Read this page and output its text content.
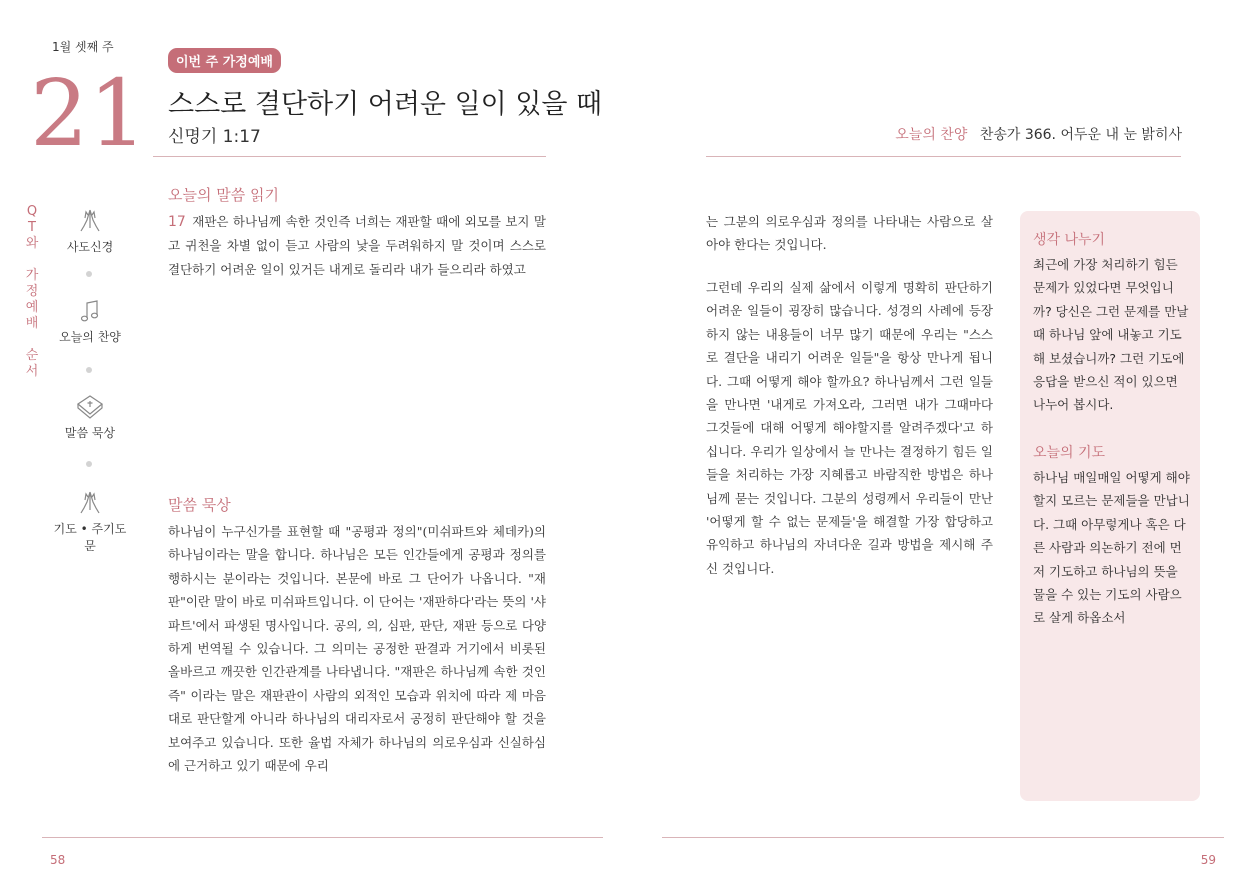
1월 셋째 주
21	이번 주 가정예배
스스로 결단하기 어려운 일이 있을 때
신명기 1:17	오늘의 찬양 찬송가 366. 어두운 내 눈 밝히사
Q
T
와
가
정
예
배
순
서
사도신경
오늘의 찬양
말씀 묵상
기도 • 주기도문
오늘의 말씀 읽기
17 재판은 하나님께 속한 것인즉 너희는 재판할 때에 외모를 보지 말고 귀천을 차별 없이 듣고 사람의 낯을 두려워하지 말 것이며 스스로 결단하기 어려운 일이 있거든 내게로 돌리라 내가 들으리라 하였고
말씀 묵상
하나님이 누구신가를 표현할 때 "공평과 정의"(미쉬파트와 체데카)의 하나님이라는 말을 합니다. 하나님은 모든 인간들에게 공평과 정의를 행하시는 분이라는 것입니다. 본문에 바로 그 단어가 나옵니다. "재판"이란 말이 바로 미쉬파트입니다. 이 단어는 '재판하다'라는 뜻의 '샤파트'에서 파생된 명사입니다. 공의, 의, 심판, 판단, 재판 등으로 다양하게 번역될 수 있습니다. 그 의미는 공정한 판결과 거기에서 비롯된 올바르고 깨끗한 인간관계를 나타냅니다. "재판은 하나님께 속한 것인즉" 이라는 말은 재판관이 사람의 외적인 모습과 위치에 따라 제 마음대로 판단할게 아니라 하나님의 대리자로서 공정히 판단해야 할 것을 보여주고 있습니다. 또한 율법 자체가 하나님의 의로우심과 신실하심에 근거하고 있기 때문에 우리
는 그분의 의로우심과 정의를 나타내는 사람으로 살아야 한다는 것입니다.
그런데 우리의 실제 삶에서 이렇게 명확히 판단하기 어려운 일들이 굉장히 많습니다. 성경의 사례에 등장하지 않는 내용들이 너무 많기 때문에 우리는 "스스로 결단을 내리기 어려운 일들"을 항상 만나게 됩니다. 그때 어떻게 해야 할까요? 하나님께서 그런 일들을 만나면 '내게로 가져오라, 그러면 내가 그때마다 그것들에 대해 어떻게 해야할지를 알려주겠다'고 하십니다. 우리가 일상에서 늘 만나는 결정하기 힘든 일들을 처리하는 가장 지혜롭고 바람직한 방법은 하나님께 묻는 것입니다. 그분의 성령께서 우리들이 만난 '어떻게 할 수 없는 문제들'을 해결할 가장 합당하고 유익하고 하나님의 자녀다운 길과 방법을 제시해 주신 것입니다.
생각 나누기
최근에 가장 처리하기 힘든 문제가 있었다면 무엇입니까? 당신은 그런 문제를 만날 때 하나님 앞에 내놓고 기도해 보셨습니까? 그런 기도에 응답을 받으신 적이 있으면 나누어 봅시다.
오늘의 기도
하나님 매일매일 어떻게 해야 할지 모르는 문제들을 만납니다. 그때 아무렇게나 혹은 다른 사람과 의논하기 전에 먼저 기도하고 하나님의 뜻을 물을 수 있는 기도의 사람으로 살게 하옵소서
58	59
